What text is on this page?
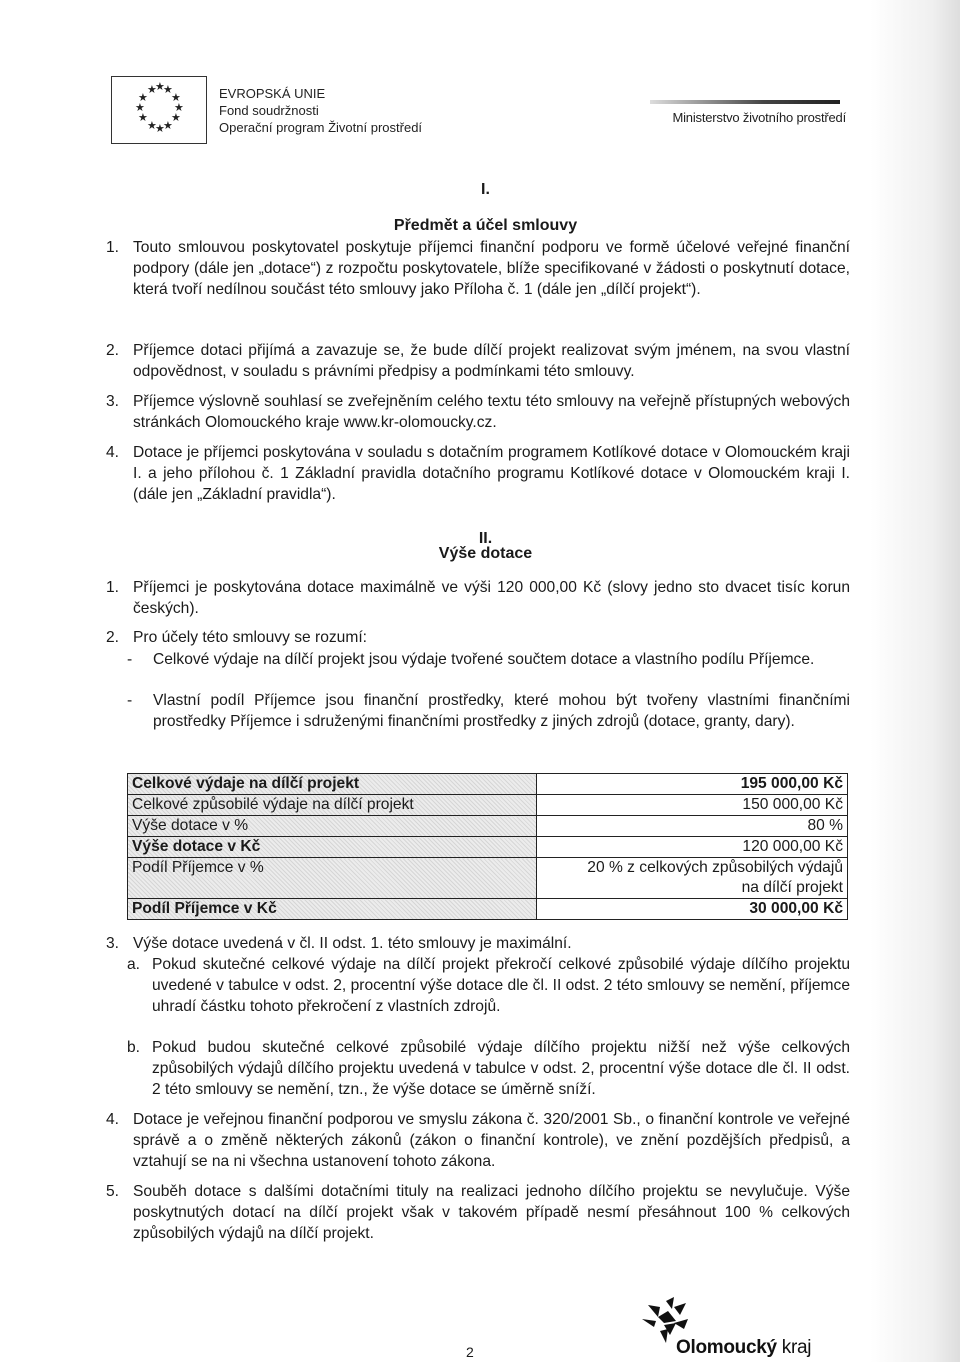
★
★
★
★ ★
★	★
★ ★
★
★
★
EVROPSKÁ UNIE
Fond soudržnosti
Operační program Životní prostředí
Ministerstvo životního prostředí
I.
Předmět a účel smlouvy
1. Touto smlouvou poskytovatel poskytuje příjemci finanční podporu ve formě účelové veřejné finanční podpory (dále jen „dotace“) z rozpočtu poskytovatele, blíže specifikované v žádosti o poskytnutí dotace, která tvoří nedílnou součást této smlouvy jako Příloha č. 1 (dále jen „dílčí projekt“).
2. Příjemce dotaci přijímá a zavazuje se, že bude dílčí projekt realizovat svým jménem, na svou vlastní odpovědnost, v souladu s právními předpisy a podmínkami této smlouvy.
3. Příjemce výslovně souhlasí se zveřejněním celého textu této smlouvy na veřejně přístupných webových stránkách Olomouckého kraje www.kr-olomoucky.cz.
4. Dotace je příjemci poskytována v souladu s dotačním programem Kotlíkové dotace v Olomouckém kraji I. a jeho přílohou č. 1 Základní pravidla dotačního programu Kotlíkové dotace v Olomouckém kraji I. (dále jen „Základní pravidla“).
II.
Výše dotace
1. Příjemci je poskytována dotace maximálně ve výši 120 000,00 Kč (slovy jedno sto dvacet tisíc korun českých).
2. Pro účely této smlouvy se rozumí:
- Celkové výdaje na dílčí projekt jsou výdaje tvořené součtem dotace a vlastního podílu Příjemce.
- Vlastní podíl Příjemce jsou finanční prostředky, které mohou být tvořeny vlastními finančními prostředky Příjemce i sdruženými finančními prostředky z jiných zdrojů (dotace, granty, dary).
Celkové výdaje na dílčí projekt	195 000,00 Kč
Celkové způsobilé výdaje na dílčí projekt	150 000,00 Kč
Výše dotace v %	80 %
Výše dotace v Kč	120 000,00 Kč
Podíl Příjemce v %	20 % z celkových způsobilých výdajů na dílčí projekt
Podíl Příjemce v Kč	30 000,00 Kč
3. Výše dotace uvedená v čl. II odst. 1. této smlouvy je maximální.
a. Pokud skutečné celkové výdaje na dílčí projekt překročí celkové způsobilé výdaje dílčího projektu uvedené v tabulce v odst. 2, procentní výše dotace dle čl. II odst. 2 této smlouvy se nemění, příjemce uhradí částku tohoto překročení z vlastních zdrojů.
b. Pokud budou skutečné celkové způsobilé výdaje dílčího projektu nižší než výše celkových způsobilých výdajů dílčího projektu uvedená v tabulce v odst. 2, procentní výše dotace dle čl. II odst. 2 této smlouvy se nemění, tzn., že výše dotace se úměrně sníží.
4. Dotace je veřejnou finanční podporou ve smyslu zákona č. 320/2001 Sb., o finanční kontrole ve veřejné správě a o změně některých zákonů (zákon o finanční kontrole), ve znění pozdějších předpisů, a vztahují se na ni všechna ustanovení tohoto zákona.
5. Souběh dotace s dalšími dotačními tituly na realizaci jednoho dílčího projektu se nevylučuje. Výše poskytnutých dotací na dílčí projekt však v takovém případě nesmí přesáhnout 100 % celkových způsobilých výdajů na dílčí projekt.
2	Olomoucký kraj
